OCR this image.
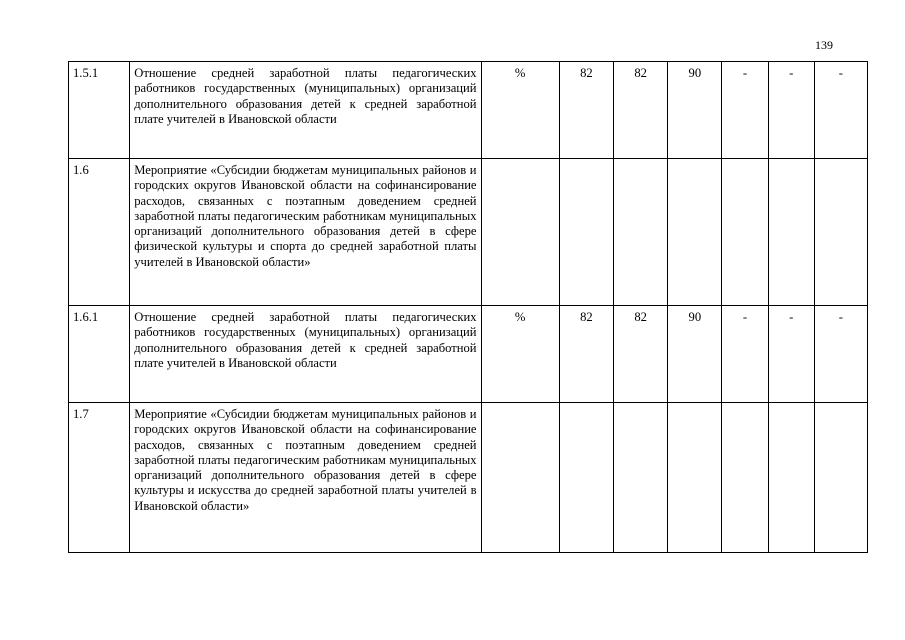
139
1.5.1	Отношение средней заработной платы педагогических работников государственных (муниципальных) организаций дополнительного образования детей к средней заработной плате учителей в Ивановской области	%	82	82	90	-	-	-
1.6	Мероприятие «Субсидии бюджетам муниципальных районов и городских округов Ивановской области на софинансирование расходов, связанных с поэтапным доведением средней заработной платы педагогическим работникам муниципальных организаций дополнительного образования детей в сфере физической культуры и спорта до средней заработной платы учителей в Ивановской области»							
1.6.1	Отношение средней заработной платы педагогических работников государственных (муниципальных) организаций дополнительного образования детей к средней заработной плате учителей в Ивановской области	%	82	82	90	-	-	-
1.7	Мероприятие «Субсидии бюджетам муниципальных районов и городских округов Ивановской области на софинансирование расходов, связанных с поэтапным доведением средней заработной платы педагогическим работникам муниципальных организаций дополнительного образования детей в сфере культуры и искусства до средней заработной платы учителей в Ивановской области»							
